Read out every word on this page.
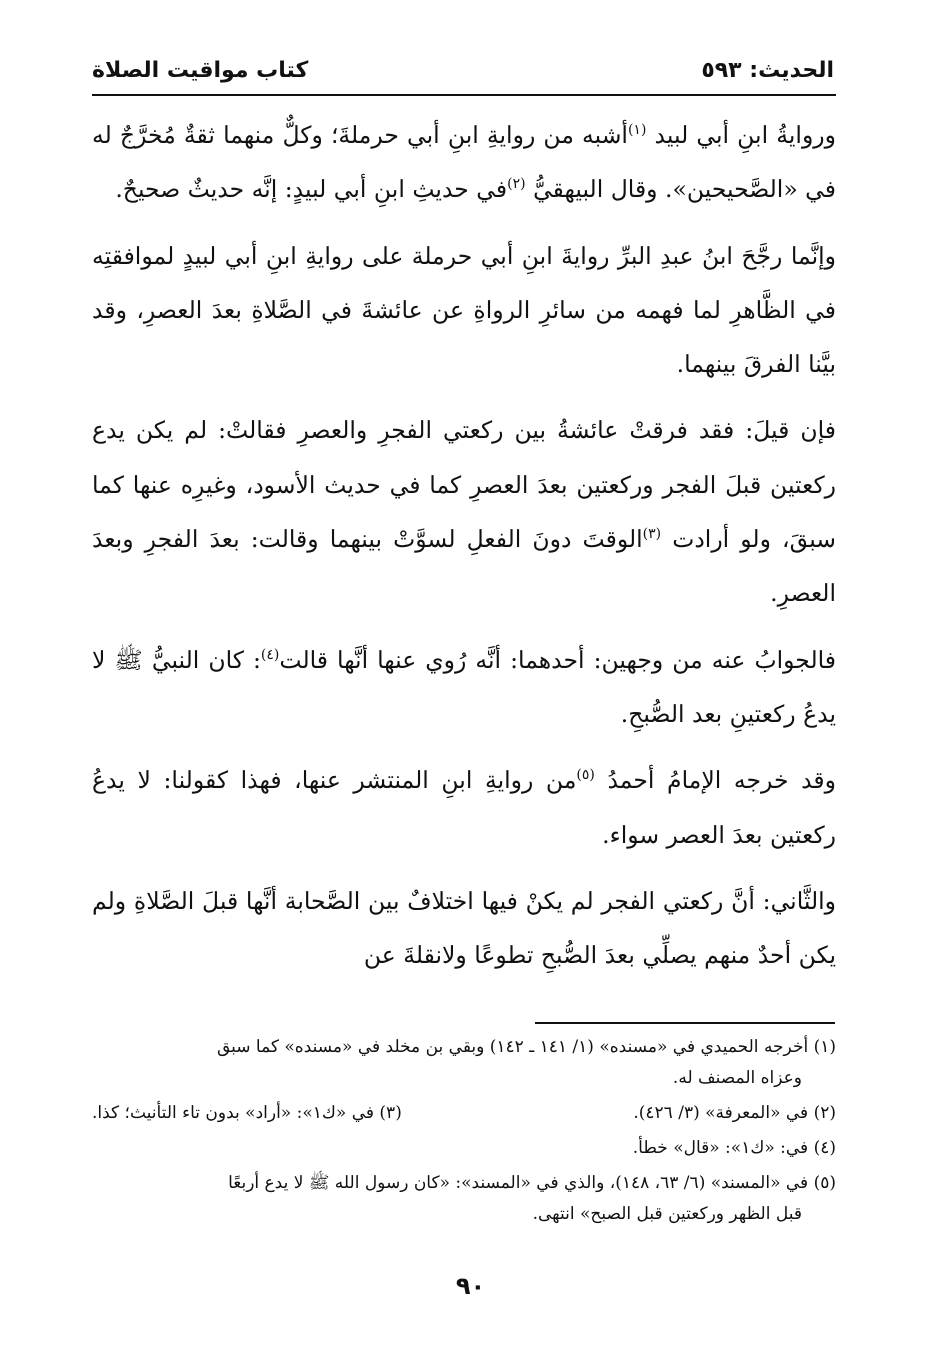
الحديث: ٥٩٣
كتاب مواقيت الصلاة

وروايةُ ابنِ أبي لبيد $^{(١)}$أشبه من روايةِ ابنِ أبي حرملةَ؛ وكلٌّ منهما ثقةٌ مُخرَّجٌ له في «الصَّحيحين». وقال البيهقيُّ $^{(٢)}$في حديثِ ابنِ أبي لبيدٍ: إنَّه حديثٌ صحيحٌ.

وإنَّما رجَّحَ ابنُ عبدِ البرِّ روايةَ ابنِ أبي حرملة على روايةِ ابنِ أبي لبيدٍ لموافقتِه في الظَّاهرِ لما فهمه من سائرِ الرواةِ عن عائشةَ في الصَّلاةِ بعدَ العصرِ، وقد بيَّنا الفرقَ بينهما.

فإن قيلَ: فقد فرقتْ عائشةُ بين ركعتي الفجرِ والعصرِ فقالتْ: لم يكن يدع ركعتين قبلَ الفجر وركعتين بعدَ العصرِ كما في حديث الأسود، وغيرِه عنها كما سبقَ، ولو أرادت $^{(٣)}$الوقتَ دونَ الفعلِ لسوَّتْ بينهما وقالت: بعدَ الفجرِ وبعدَ العصرِ.

فالجوابُ عنه من وجهين: أحدهما: أنَّه رُوي عنها أنَّها قالت$^{(٤)}$: كان النبيُّ ﷺ لا يدعُ ركعتينِ بعد الصُّبحِ.

وقد خرجه الإمامُ أحمدُ $^{(٥)}$من روايةِ ابنِ المنتشر عنها، فهذا كقولنا: لا يدعُ ركعتين بعدَ العصر سواء.

والثَّاني: أنَّ ركعتي الفجر لم يكنْ فيها اختلافٌ بين الصَّحابة أنَّها قبلَ الصَّلاةِ ولم يكن أحدٌ منهم يصلِّي بعدَ الصُّبحِ تطوعًا ولانقلةَ عن

(١) أخرجه الحميدي في «مسنده» (١/ ١٤١ ـ ١٤٢) وبقي بن مخلد في «مسنده» كما سبق
وعزاه المصنف له.
(٢) في «المعرفة» (٣/ ٤٢٦).
(٣) في «ك١»: «أراد» بدون تاء التأنيث؛ كذا.
(٤) في: «ك١»: «قال» خطأ.
(٥) في «المسند» (٦/ ٦٣، ١٤٨)، والذي في «المسند»: «كان رسول الله ﷺ لا يدع أربعًا
قبل الظهر وركعتين قبل الصبح» انتهى.
٩٠
